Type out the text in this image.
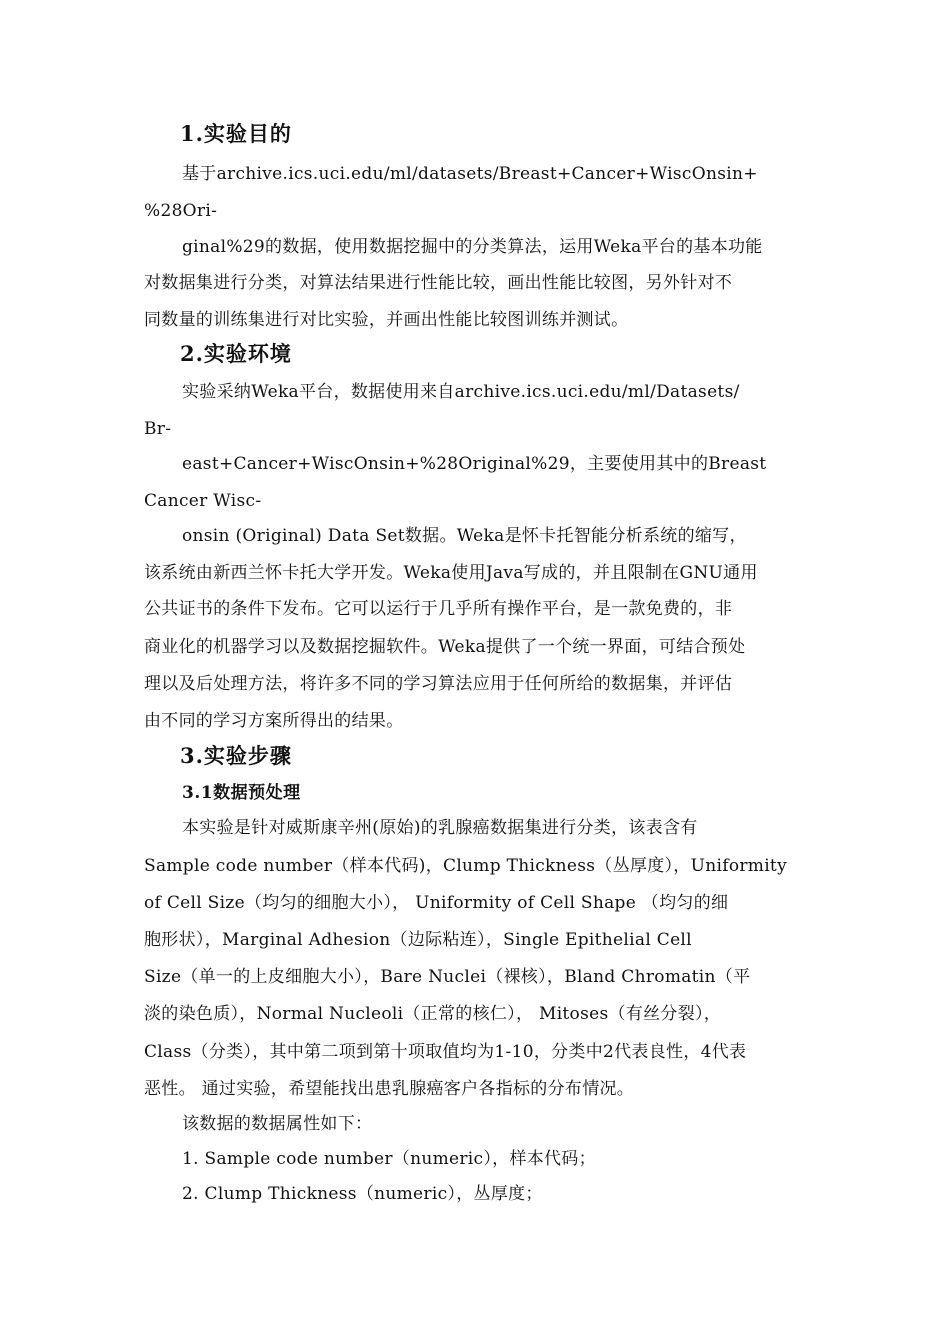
1.实验目的
基于archive.ics.uci.edu/ml/datasets/Breast+Cancer+WiscOnsin+
%28Ori-
ginal%29的数据，使用数据挖掘中的分类算法，运用Weka平台的基本功能
对数据集进行分类，对算法结果进行性能比较，画出性能比较图，另外针对不
同数量的训练集进行对比实验，并画出性能比较图训练并测试。
2.实验环境
实验采纳Weka平台，数据使用来自archive.ics.uci.edu/ml/Datasets/
Br-
east+Cancer+WiscOnsin+%28Original%29，主要使用其中的Breast
Cancer Wisc-
onsin (Original) Data Set数据。Weka是怀卡托智能分析系统的缩写，
该系统由新西兰怀卡托大学开发。Weka使用Java写成的，并且限制在GNU通用
公共证书的条件下发布。它可以运行于几乎所有操作平台，是一款免费的，非
商业化的机器学习以及数据挖掘软件。Weka提供了一个统一界面，可结合预处
理以及后处理方法，将许多不同的学习算法应用于任何所给的数据集，并评估
由不同的学习方案所得出的结果。
3.实验步骤
3.1数据预处理
本实验是针对威斯康辛州(原始)的乳腺癌数据集进行分类，该表含有
Sample code number（样本代码)，Clump Thickness（丛厚度），Uniformity
of Cell Size（均匀的细胞大小）， Uniformity of Cell Shape （均匀的细
胞形状），Marginal Adhesion（边际粘连），Single Epithelial Cell
Size（单一的上皮细胞大小），Bare Nuclei（裸核），Bland Chromatin（平
淡的染色质），Normal Nucleoli（正常的核仁）， Mitoses（有丝分裂），
Class（分类），其中第二项到第十项取值均为1-10，分类中2代表良性，4代表
恶性。 通过实验，希望能找出患乳腺癌客户各指标的分布情况。
该数据的数据属性如下：
1. Sample code number（numeric），样本代码；
2. Clump Thickness（numeric），丛厚度；
